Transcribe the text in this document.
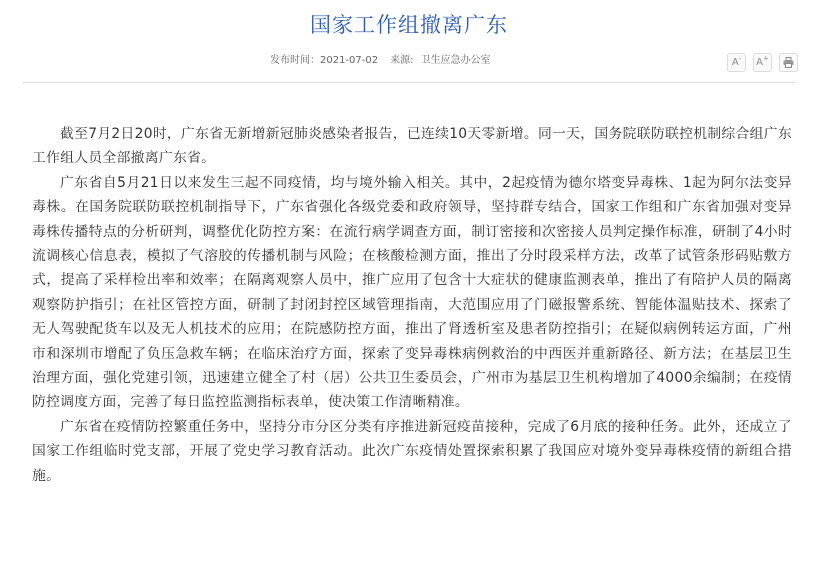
国家工作组撤离广东
发布时间：2021-07-02 来源: 卫生应急办公室	A-	A+

截至7月2日20时，广东省无新增新冠肺炎感染者报告，已连续10天零新增。同一天，国务院联防联控机制综合组广东工作组人员全部撤离广东省。

广东省自5月21日以来发生三起不同疫情，均与境外输入相关。其中，2起疫情为德尔塔变异毒株、1起为阿尔法变异毒株。在国务院联防联控机制指导下，广东省强化各级党委和政府领导，坚持群专结合，国家工作组和广东省加强对变异毒株传播特点的分析研判，调整优化防控方案：在流行病学调查方面，制订密接和次密接人员判定操作标准，研制了4小时流调核心信息表，模拟了气溶胶的传播机制与风险；在核酸检测方面，推出了分时段采样方法，改革了试管条形码贴敷方式，提高了采样检出率和效率；在隔离观察人员中，推广应用了包含十大症状的健康监测表单，推出了有陪护人员的隔离观察防护指引；在社区管控方面，研制了封闭封控区域管理指南，大范围应用了门磁报警系统、智能体温贴技术、探索了无人驾驶配货车以及无人机技术的应用；在院感防控方面，推出了肾透析室及患者防控指引；在疑似病例转运方面，广州市和深圳市增配了负压急救车辆；在临床治疗方面，探索了变异毒株病例救治的中西医并重新路径、新方法；在基层卫生治理方面，强化党建引领，迅速建立健全了村（居）公共卫生委员会，广州市为基层卫生机构增加了4000余编制；在疫情防控调度方面，完善了每日监控监测指标表单，使决策工作清晰精准。

广东省在疫情防控繁重任务中，坚持分市分区分类有序推进新冠疫苗接种，完成了6月底的接种任务。此外，还成立了国家工作组临时党支部，开展了党史学习教育活动。此次广东疫情处置探索积累了我国应对境外变异毒株疫情的新组合措施。
